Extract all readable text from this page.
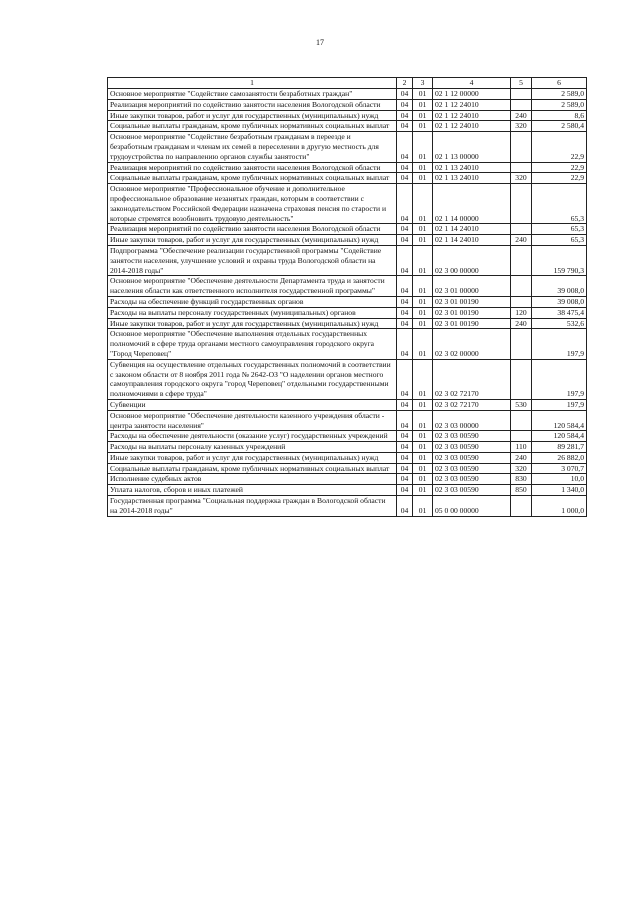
17
1	2	3	4	5	6
Основное мероприятие "Содействие самозанятости безработных граждан"	04	01	02 1 12 00000		2 589,0
Реализация мероприятий по содействию занятости населения Вологодской области	04	01	02 1 12 24010		2 589,0
Иные закупки товаров, работ и услуг для государственных (муниципальных) нужд	04	01	02 1 12 24010	240	8,6
Социальные выплаты гражданам, кроме публичных нормативных социальных выплат	04	01	02 1 12 24010	320	2 580,4
Основное мероприятие "Содействие безработным гражданам в переезде и безработным гражданам и членам их семей в переселении в другую местность для трудоустройства по направлению органов службы занятости"	04	01	02 1 13 00000		22,9
Реализация мероприятий по содействию занятости населения Вологодской области	04	01	02 1 13 24010		22,9
Социальные выплаты гражданам, кроме публичных нормативных социальных выплат	04	01	02 1 13 24010	320	22,9
Основное мероприятие "Профессиональное обучение и дополнительное профессиональное образование незанятых граждан, которым в соответствии с законодательством Российской Федерации назначена страховая пенсия по старости и которые стремятся возобновить трудовую деятельность"	04	01	02 1 14 00000		65,3
Реализация мероприятий по содействию занятости населения Вологодской области	04	01	02 1 14 24010		65,3
Иные закупки товаров, работ и услуг для государственных (муниципальных) нужд	04	01	02 1 14 24010	240	65,3
Подпрограмма "Обеспечение реализации государственной программы "Содействие занятости населения, улучшение условий и охраны труда Вологодской области на 2014-2018 годы"	04	01	02 3 00 00000		159 790,3
Основное мероприятие "Обеспечение деятельности Департамента труда и занятости населения области как ответственного исполнителя государственной программы"	04	01	02 3 01 00000		39 008,0
Расходы на обеспечение функций государственных органов	04	01	02 3 01 00190		39 008,0
Расходы на выплаты персоналу государственных (муниципальных) органов	04	01	02 3 01 00190	120	38 475,4
Иные закупки товаров, работ и услуг для государственных (муниципальных) нужд	04	01	02 3 01 00190	240	532,6
Основное мероприятие "Обеспечение выполнения отдельных государственных полномочий в сфере труда органами местного самоуправления городского округа "Город Череповец"	04	01	02 3 02 00000		197,9
Субвенция на осуществление отдельных государственных полномочий в соответствии с законом области от 8 ноября 2011 года № 2642-ОЗ "О наделении органов местного самоуправления городского округа "город Череповец" отдельными государственными полномочиями в сфере труда"	04	01	02 3 02 72170		197,9
Субвенции	04	01	02 3 02 72170	530	197,9
Основное мероприятие "Обеспечение деятельности казенного учреждения области - центра занятости населения"	04	01	02 3 03 00000		120 584,4
Расходы на обеспечение деятельности (оказание услуг) государственных учреждений	04	01	02 3 03 00590		120 584,4
Расходы на выплаты персоналу казенных учреждений	04	01	02 3 03 00590	110	89 281,7
Иные закупки товаров, работ и услуг для государственных (муниципальных) нужд	04	01	02 3 03 00590	240	26 882,0
Социальные выплаты гражданам, кроме публичных нормативных социальных выплат	04	01	02 3 03 00590	320	3 070,7
Исполнение судебных актов	04	01	02 3 03 00590	830	10,0
Уплата налогов, сборов и иных платежей	04	01	02 3 03 00590	850	1 340,0
Государственная программа "Социальная поддержка граждан в Вологодской области на 2014-2018 годы"	04	01	05 0 00 00000		1 000,0
